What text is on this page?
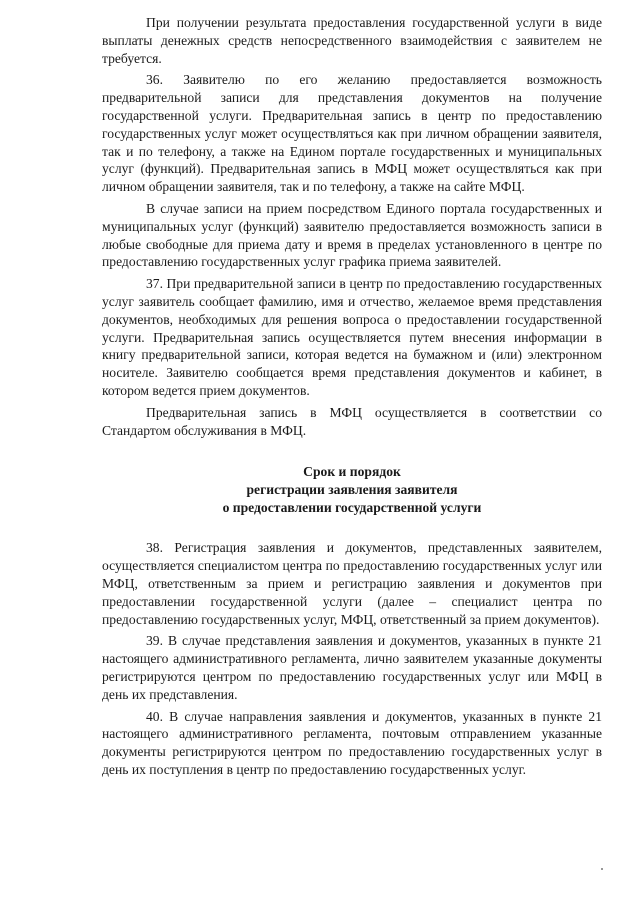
При получении результата предоставления государственной услуги в виде выплаты денежных средств непосредственного взаимодействия с заявителем не требуется.

36. Заявителю по его желанию предоставляется возможность предварительной записи для представления документов на получение государственной услуги. Предварительная запись в центр по предоставлению государственных услуг может осуществляться как при личном обращении заявителя, так и по телефону, а также на Едином портале государственных и муниципальных услуг (функций). Предварительная запись в МФЦ может осуществляться как при личном обращении заявителя, так и по телефону, а также на сайте МФЦ.

В случае записи на прием посредством Единого портала государственных и муниципальных услуг (функций) заявителю предоставляется возможность записи в любые свободные для приема дату и время в пределах установленного в центре по предоставлению государственных услуг графика приема заявителей.

37. При предварительной записи в центр по предоставлению государственных услуг заявитель сообщает фамилию, имя и отчество, желаемое время представления документов, необходимых для решения вопроса о предоставлении государственной услуги. Предварительная запись осуществляется путем внесения информации в книгу предварительной записи, которая ведется на бумажном и (или) электронном носителе. Заявителю сообщается время представления документов и кабинет, в котором ведется прием документов.

Предварительная запись в МФЦ осуществляется в соответствии со Стандартом обслуживания в МФЦ.

Срок и порядок
регистрации заявления заявителя
о предоставлении государственной услуги

38. Регистрация заявления и документов, представленных заявителем, осуществляется специалистом центра по предоставлению государственных услуг или МФЦ, ответственным за прием и регистрацию заявления и документов при предоставлении государственной услуги (далее – специалист центра по предоставлению государственных услуг, МФЦ, ответственный за прием документов).

39. В случае представления заявления и документов, указанных в пункте 21 настоящего административного регламента, лично заявителем указанные документы регистрируются центром по предоставлению государственных услуг или МФЦ в день их представления.

40. В случае направления заявления и документов, указанных в пункте 21 настоящего административного регламента, почтовым отправлением указанные документы регистрируются центром по предоставлению государственных услуг в день их поступления в центр по предоставлению государственных услуг.
